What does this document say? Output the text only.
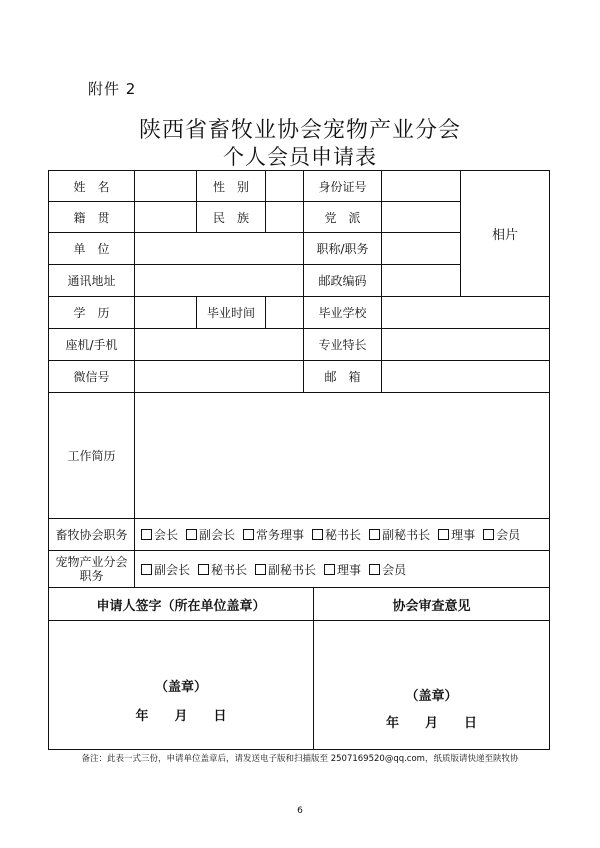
附件 2
陕西省畜牧业协会宠物产业分会
个人会员申请表
姓　名	性　别	身份证号
相片
籍　贯	民　族	党　派
单　位	职称/职务
通讯地址	邮政编码
学　历	毕业时间	毕业学校
座机/手机	专业特长
微信号	邮　箱
工作简历
畜牧协会职务	会长 副会长 常务理事 秘书长 副秘书长 理事 会员
宠物产业分会
职务	副会长 秘书长 副秘书长 理事 会员
申请人签字（所在单位盖章）	协会审查意见
（盖章）
年　　月　　日
（盖章）
年　　月　　日
备注：此表一式三份，申请单位盖章后，请发送电子版和扫描版至 2507169520@qq.com，纸质版请快递至陕牧协
6
